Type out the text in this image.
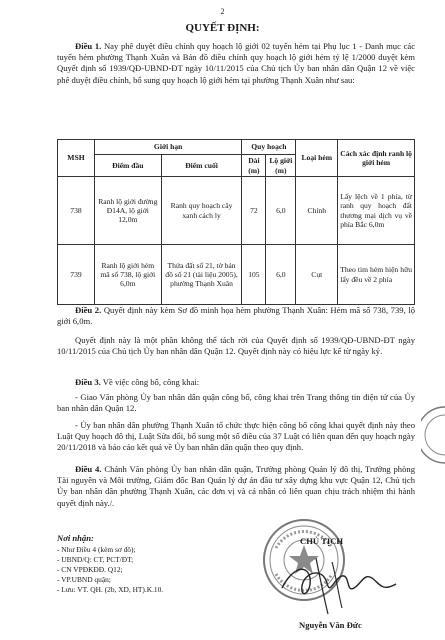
2
QUYẾT ĐỊNH:
Điều 1. Nay phê duyệt điều chỉnh quy hoạch lộ giới 02 tuyến hẻm tại Phụ lục 1 - Danh mục các tuyến hẻm phường Thạnh Xuân và Bản đồ điều chỉnh quy hoạch lộ giới hẻm tỷ lệ 1/2000 duyệt kèm Quyết định số 1939/QĐ-UBND-ĐT ngày 10/11/2015 của Chủ tịch Ủy ban nhân dân Quận 12 về việc phê duyệt điều chỉnh, bổ sung quy hoạch lộ giới hẻm tại phường Thạnh Xuân như sau:
MSH	Giới hạn		Quy hoạch		Loại hẻm	Cách xác định ranh lộ giới hẻm
	Điểm đầu	Điểm cuối	Dài (m)	Lộ giới (m)		
738	Ranh lộ giới đường Đ14A, lộ giới 12,0m	Ranh quy hoạch cây xanh cách ly	72	6,0	Chính	Lấy lệch về 1 phía, từ ranh quy hoạch đất thương mại dịch vụ về phía Bắc 6,0m
739	Ranh lộ giới hẻm mã số 738, lộ giới 6,0m	Thửa đất số 21, tờ bản đồ số 21 (tài liệu 2005), phường Thạnh Xuân	105	6,0	Cụt	Theo tim hẻm hiện hữu lấy đều về 2 phía
Điều 2. Quyết định này kèm Sơ đồ minh họa hẻm phường Thạnh Xuân: Hẻm mã số 738, 739, lộ giới 6,0m.
Quyết định này là một phần không thể tách rời của Quyết định số 1939/QĐ-UBND-ĐT ngày 10/11/2015 của Chủ tịch Ủy ban nhân dân Quận 12. Quyết định này có hiệu lực kể từ ngày ký.
Điều 3. Về việc công bố, công khai:
- Giao Văn phòng Ủy ban nhân dân quận công bố, công khai trên Trang thông tin điện tử của Ủy ban nhân dân Quận 12.
- Ủy ban nhân dân phường Thạnh Xuân tổ chức thực hiện công bố công khai quyết định này theo Luật Quy hoạch đô thị, Luật Sửa đổi, bổ sung một số điều của 37 Luật có liên quan đến quy hoạch ngày 20/11/2018 và báo cáo kết quả về Ủy ban nhân dân quận theo quy định.
Điều 4. Chánh Văn phòng Ủy ban nhân dân quận, Trưởng phòng Quản lý đô thị, Trưởng phòng Tài nguyên và Môi trường, Giám đốc Ban Quản lý dự án đầu tư xây dựng khu vực Quận 12, Chủ tịch Ủy ban nhân dân phường Thạnh Xuân, các đơn vị và cá nhân có liên quan chịu trách nhiệm thi hành quyết định này./.
Nơi nhận:
- Như Điều 4 (kèm sơ đồ);
- UBND/Q: CT, PCT/ĐT;
- CN VPĐKĐĐ. Q12;
- VP.UBND quận;
- Lưu: VT. QH. (2b, XD, HT).K.10.
CHỦ TỊCH
Nguyễn Văn Đức
